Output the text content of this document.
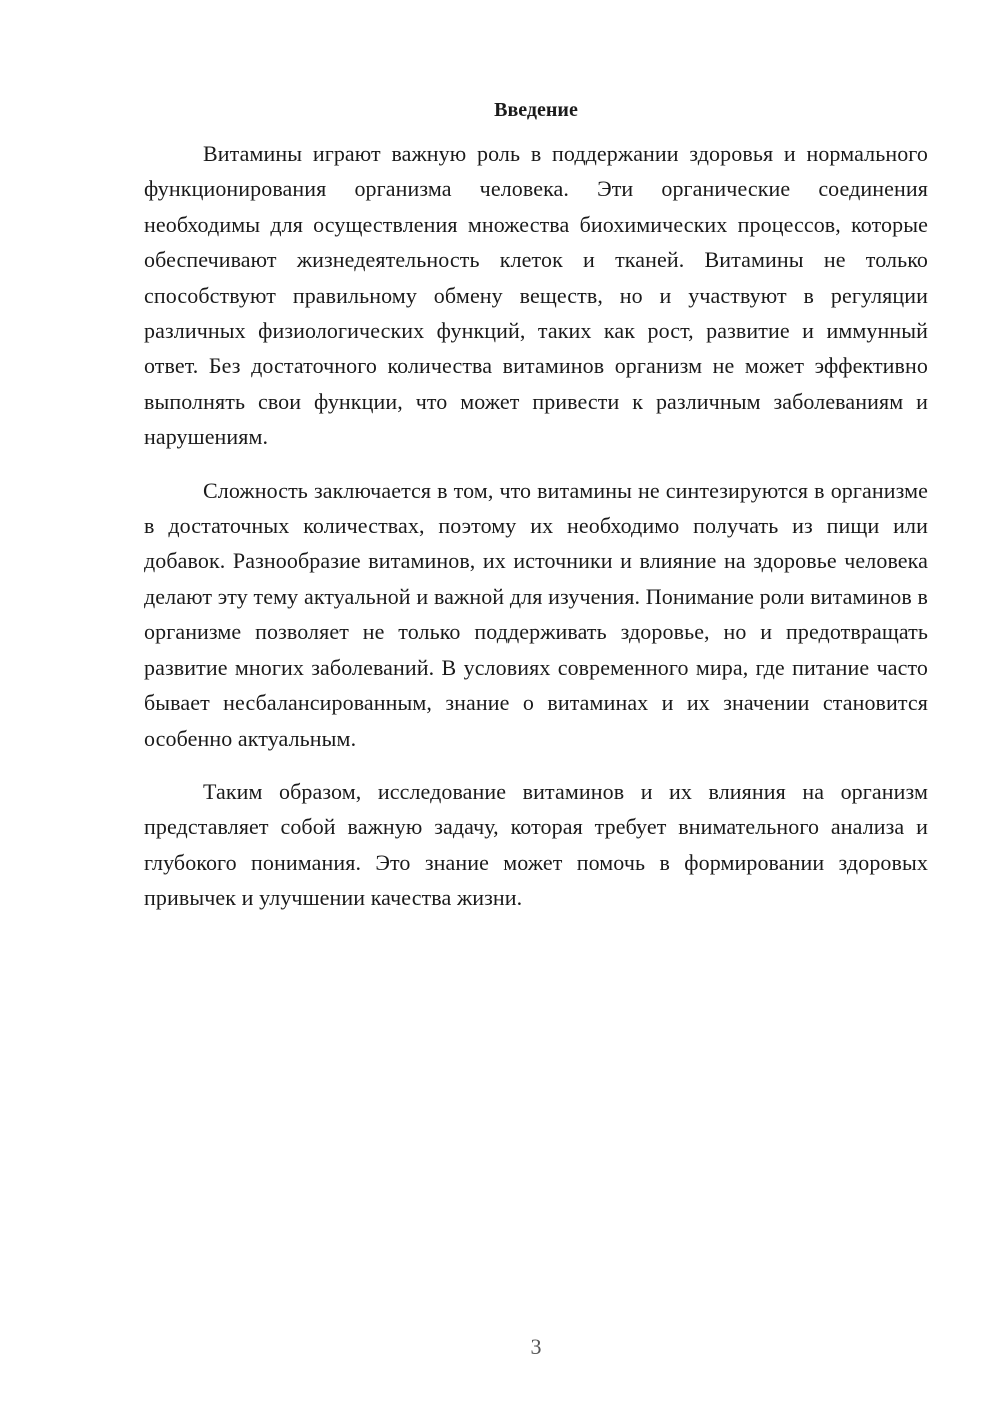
Введение

Витамины играют важную роль в поддержании здоровья и нормального функционирования организма человека. Эти органические соединения необходимы для осуществления множества биохимических процессов, которые обеспечивают жизнедеятельность клеток и тканей. Витамины не только способствуют правильному обмену веществ, но и участвуют в регуляции различных физиологических функций, таких как рост, развитие и иммунный ответ. Без достаточного количества витаминов организм не может эффективно выполнять свои функции, что может привести к различным заболеваниям и нарушениям.

Сложность заключается в том, что витамины не синтезируются в организме в достаточных количествах, поэтому их необходимо получать из пищи или добавок. Разнообразие витаминов, их источники и влияние на здоровье человека делают эту тему актуальной и важной для изучения. Понимание роли витаминов в организме позволяет не только поддерживать здоровье, но и предотвращать развитие многих заболеваний. В условиях современного мира, где питание часто бывает несбалансированным, знание о витаминах и их значении становится особенно актуальным.

Таким образом, исследование витаминов и их влияния на организм представляет собой важную задачу, которая требует внимательного анализа и глубокого понимания. Это знание может помочь в формировании здоровых привычек и улучшении качества жизни.

3
